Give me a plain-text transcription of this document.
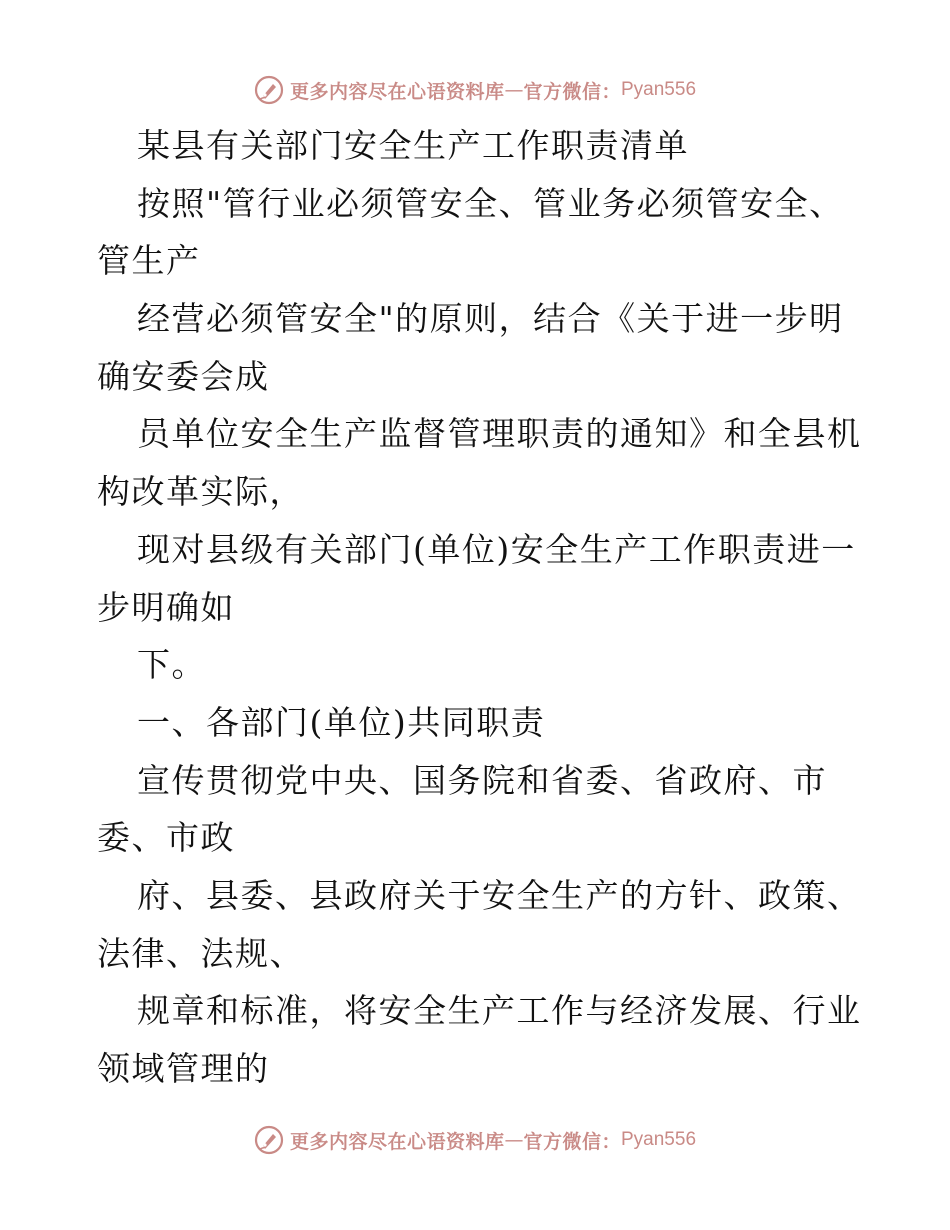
更多内容尽在心语资料库 — 官方微信： Pyan556
某县有关部门安全生产工作职责清单
按照"管行业必须管安全、管业务必须管安全、
管生产
经营必须管安全"的原则，结合《关于进一步明
确安委会成
员单位安全生产监督管理职责的通知》和全县机
构改革实际，
现对县级有关部门(单位)安全生产工作职责进一
步明确如
下。
一、各部门(单位)共同职责
宣传贯彻党中央、国务院和省委、省政府、市
委、市政
府、县委、县政府关于安全生产的方针、政策、
法律、法规、
规章和标准，将安全生产工作与经济发展、行业
领域管理的
更多内容尽在心语资料库 — 官方微信： Pyan556
